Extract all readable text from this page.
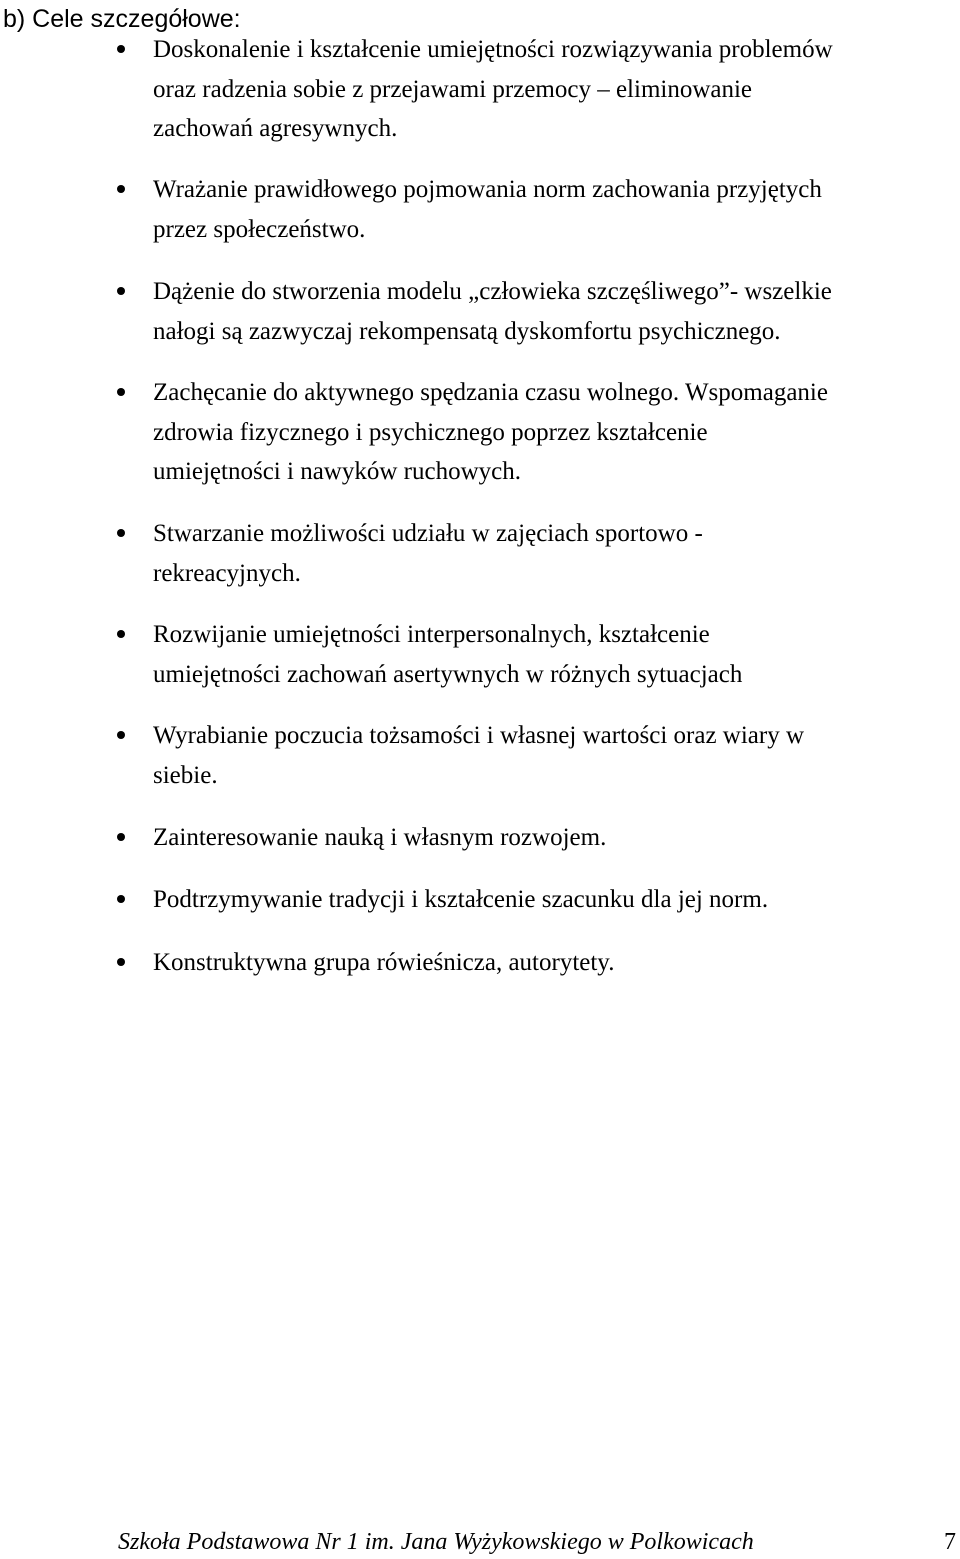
b) Cele szczegółowe:
Doskonalenie i kształcenie umiejętności rozwiązywania problemów
oraz radzenia sobie z przejawami przemocy – eliminowanie
zachowań agresywnych.
Wrażanie prawidłowego pojmowania norm zachowania przyjętych
przez społeczeństwo.
Dążenie do stworzenia modelu „człowieka szczęśliwego”- wszelkie
nałogi są zazwyczaj rekompensatą dyskomfortu psychicznego.
Zachęcanie do aktywnego spędzania czasu wolnego. Wspomaganie
zdrowia fizycznego i psychicznego poprzez kształcenie
umiejętności i nawyków ruchowych.
Stwarzanie możliwości udziału w zajęciach sportowo -
rekreacyjnych.
Rozwijanie umiejętności interpersonalnych, kształcenie
umiejętności zachowań asertywnych w różnych sytuacjach
Wyrabianie poczucia tożsamości i własnej wartości oraz wiary w
siebie.
Zainteresowanie nauką i własnym rozwojem.
Podtrzymywanie tradycji i kształcenie szacunku dla jej norm.
Konstruktywna grupa rówieśnicza, autorytety.
Szkoła Podstawowa Nr 1 im. Jana Wyżykowskiego w Polkowicach	7
